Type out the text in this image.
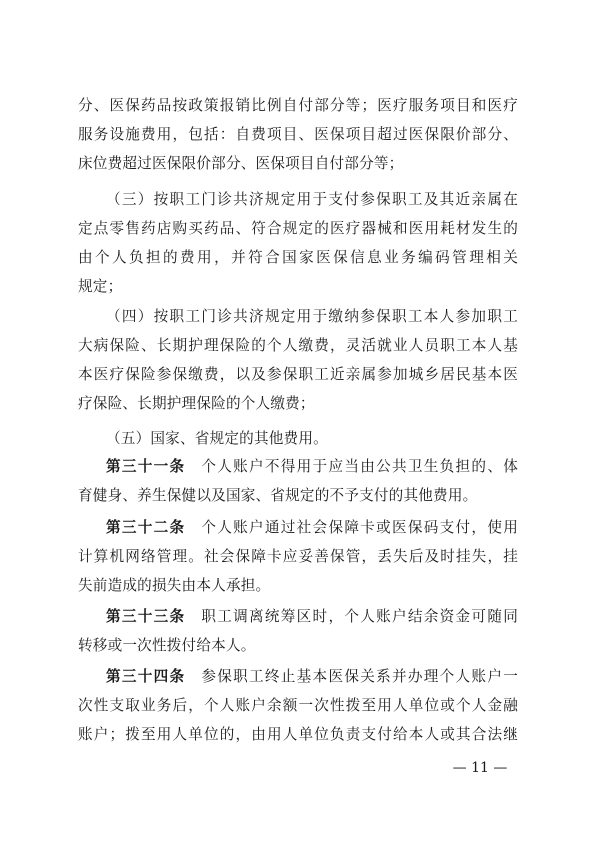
分、医保药品按政策报销比例自付部分等；医疗服务项目和医疗
服务设施费用，包括：自费项目、医保项目超过医保限价部分、
床位费超过医保限价部分、医保项目自付部分等；
（三）按职工门诊共济规定用于支付参保职工及其近亲属在
定点零售药店购买药品、符合规定的医疗器械和医用耗材发生的
由个人负担的费用，并符合国家医保信息业务编码管理相关
规定；
（四）按职工门诊共济规定用于缴纳参保职工本人参加职工
大病保险、长期护理保险的个人缴费，灵活就业人员职工本人基
本医疗保险参保缴费，以及参保职工近亲属参加城乡居民基本医
疗保险、长期护理保险的个人缴费；
（五）国家、省规定的其他费用。
第三十一条　个人账户不得用于应当由公共卫生负担的、体
育健身、养生保健以及国家、省规定的不予支付的其他费用。
第三十二条　个人账户通过社会保障卡或医保码支付，使用
计算机网络管理。社会保障卡应妥善保管，丢失后及时挂失，挂
失前造成的损失由本人承担。
第三十三条　职工调离统筹区时，个人账户结余资金可随同
转移或一次性拨付给本人。
第三十四条　参保职工终止基本医保关系并办理个人账户一
次性支取业务后，个人账户余额一次性拨至用人单位或个人金融
账户；拨至用人单位的，由用人单位负责支付给本人或其合法继
— 11 —
